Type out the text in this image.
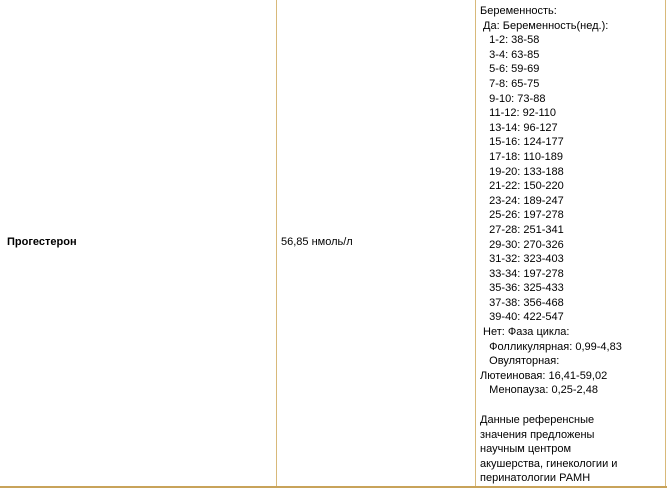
Прогестерон	56,85 нмоль/л
Беременность:
Да: Беременность(нед.):
1-2: 38-58
3-4: 63-85
5-6: 59-69
7-8: 65-75
9-10: 73-88
11-12: 92-110
13-14: 96-127
15-16: 124-177
17-18: 110-189
19-20: 133-188
21-22: 150-220
23-24: 189-247
25-26: 197-278
27-28: 251-341
29-30: 270-326
31-32: 323-403
33-34: 197-278
35-36: 325-433
37-38: 356-468
39-40: 422-547
Нет: Фаза цикла:
Фолликулярная: 0,99-4,83
Овуляторная:
Лютеиновая: 16,41-59,02
Менопауза: 0,25-2,48
Данные референсные
значения предложены
научным центром
акушерства, гинекологии и
перинатологии РАМН
